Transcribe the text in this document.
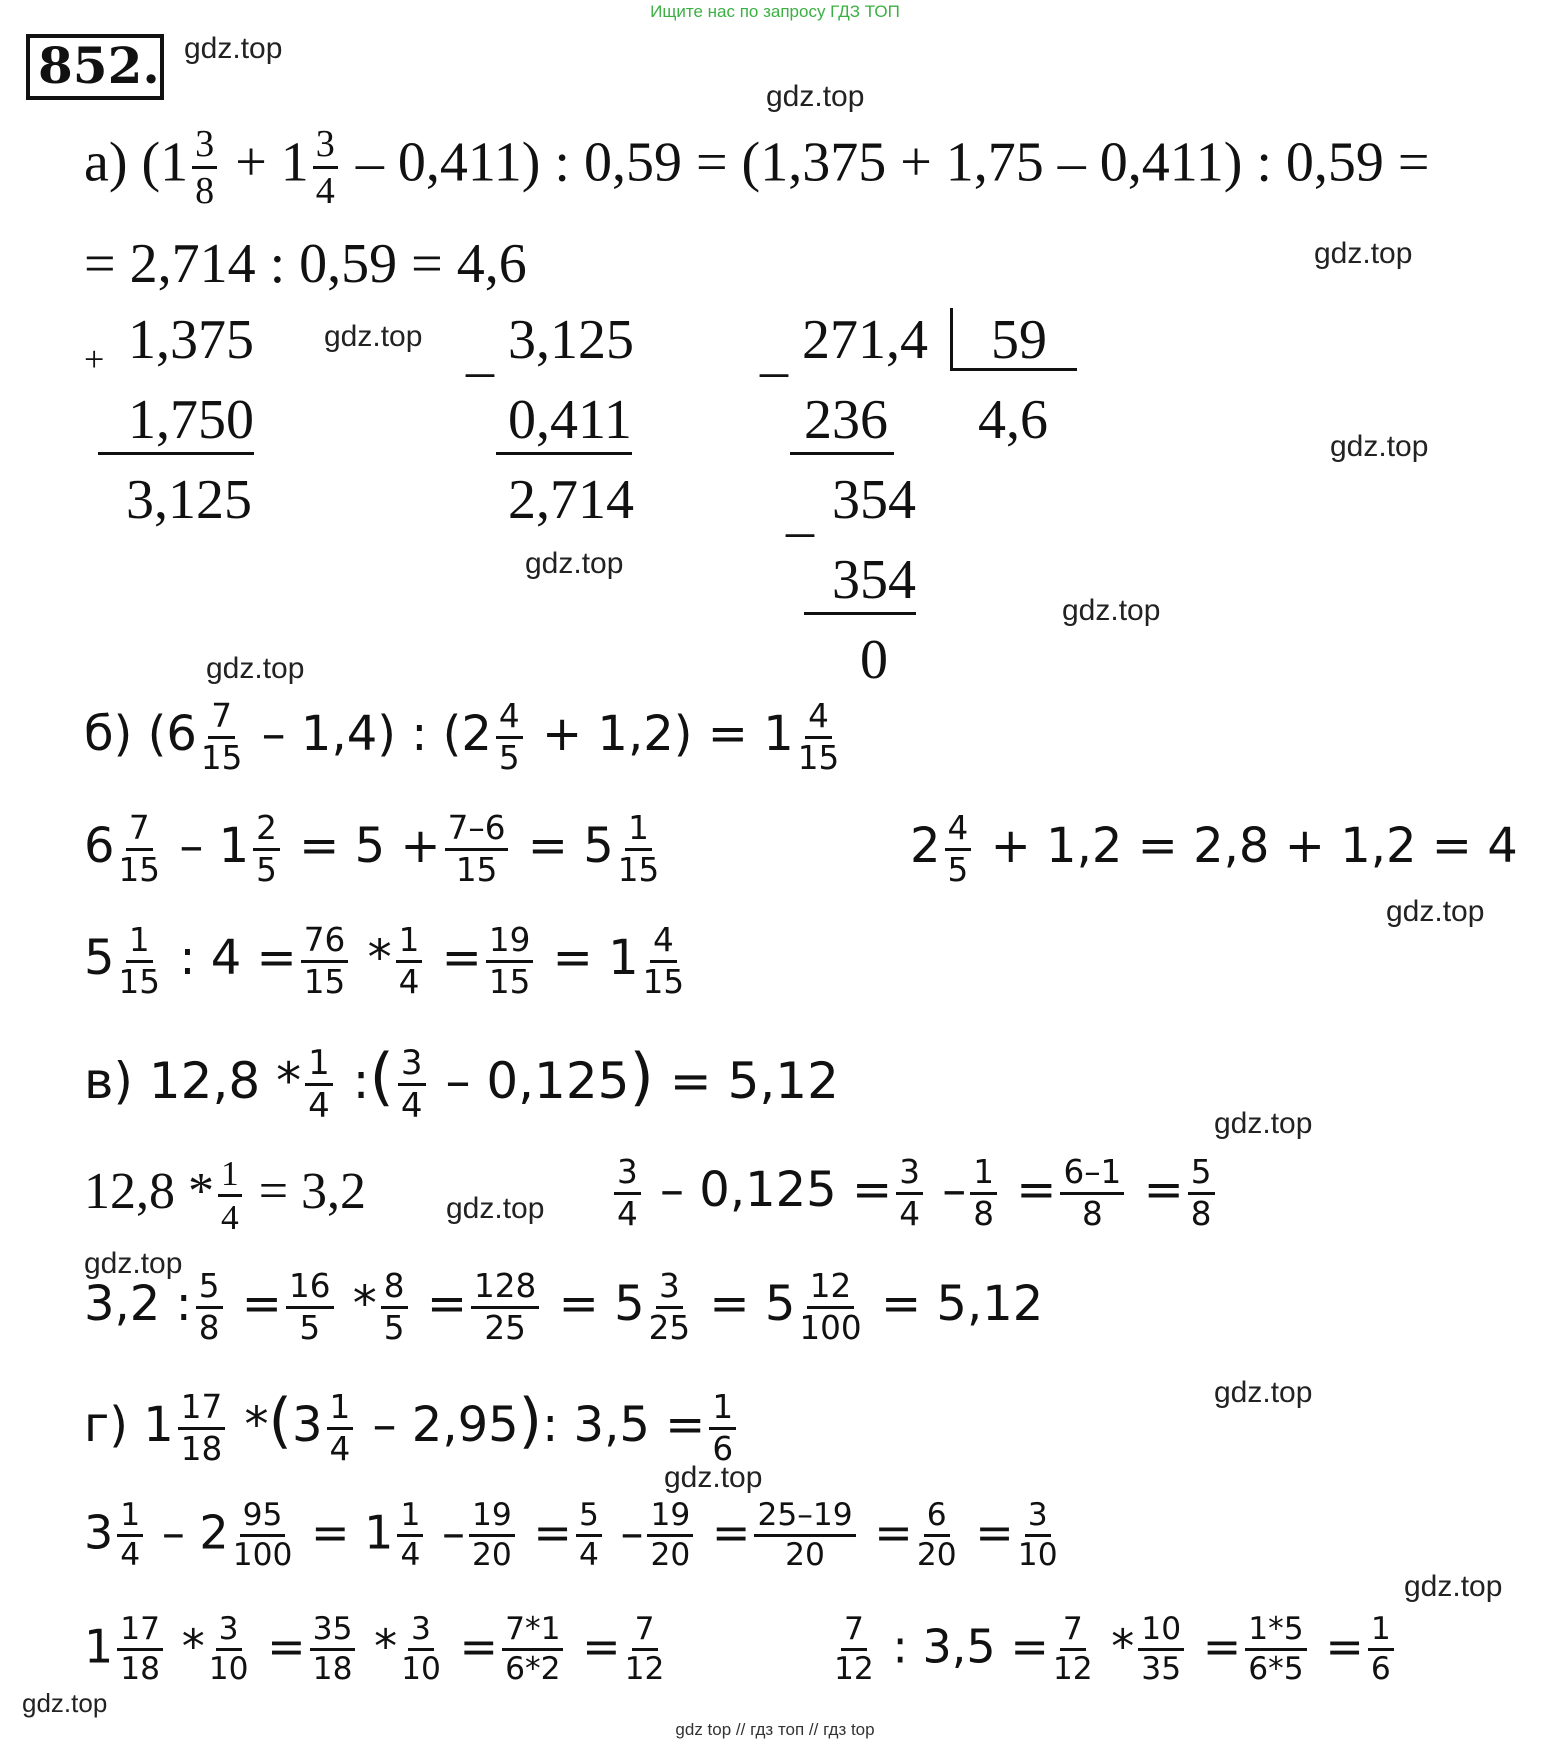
Ищите нас по запросу ГДЗ ТОП
852. gdz.top
gdz.top
gdz.top
gdz.top
gdz.top
gdz.top
gdz.top
gdz.top
gdz.top
gdz.top
gdz.top
gdz.top
gdz.top
gdz.top
gdz.top
gdz.top
а) $(1 \frac{3}{8} + 1 \frac{3}{4} - 0,411)$ : 0,59 = (1,375 + 1,75 – 0,411) : 0,59 =
= 2,714 : 0,59 = 4,6
+ 1,375
1,750
3,125
_ 3,125
0,411
2,714
_ 271,4	59
4,6
236
_ 354
354
0
б) $(6 \frac{7}{15} - 1,4)$ : $(2 \frac{4}{5} + 1,2) = 1 \frac{4}{15}$
$6 \frac{7}{15} - 1 \frac{2}{5} = 5 + \frac{7-6}{15} = 5 \frac{1}{15}$	$2 \frac{4}{5} + 1,2 = 2,8 + 1,2 = 4$
$5 \frac{1}{15}$ : $4 = \frac{76}{15} * \frac{1}{4} = \frac{19}{15} = 1 \frac{4}{15}$
в) $12,8 * \frac{1}{4}$ :( $\frac{3}{4} - 0,125) = 5,12$
$12,8 * \frac{1}{4} = 3,2$	$\frac{3}{4} - 0,125 = \frac{3}{4} - \frac{1}{8} = \frac{6-1}{8} = \frac{5}{8}$
3,2 : $\frac{5}{8} = \frac{16}{5} * \frac{8}{5} = \frac{128}{25} = 5 \frac{3}{25} = 5 \frac{12}{100} = 5,12$
г) $1 \frac{17}{18} *(3 \frac{1}{4} - 2,95)$: $3,5 = \frac{1}{6}$
$3 \frac{1}{4} - 2 \frac{95}{100} = 1 \frac{1}{4} - \frac{19}{20} = \frac{5}{4} - \frac{19}{20} = \frac{25-19}{20} = \frac{6}{20} = \frac{3}{10}$
$1 \frac{17}{18} * \frac{3}{10} = \frac{35}{18} * \frac{3}{10} = \frac{7*1}{6*2} = \frac{7}{12}$	$\frac{7}{12}$ : $3,5 = \frac{7}{12} * \frac{10}{35} = \frac{1*5}{6*5} = \frac{1}{6}$
gdz top // гдз топ // гдз top
